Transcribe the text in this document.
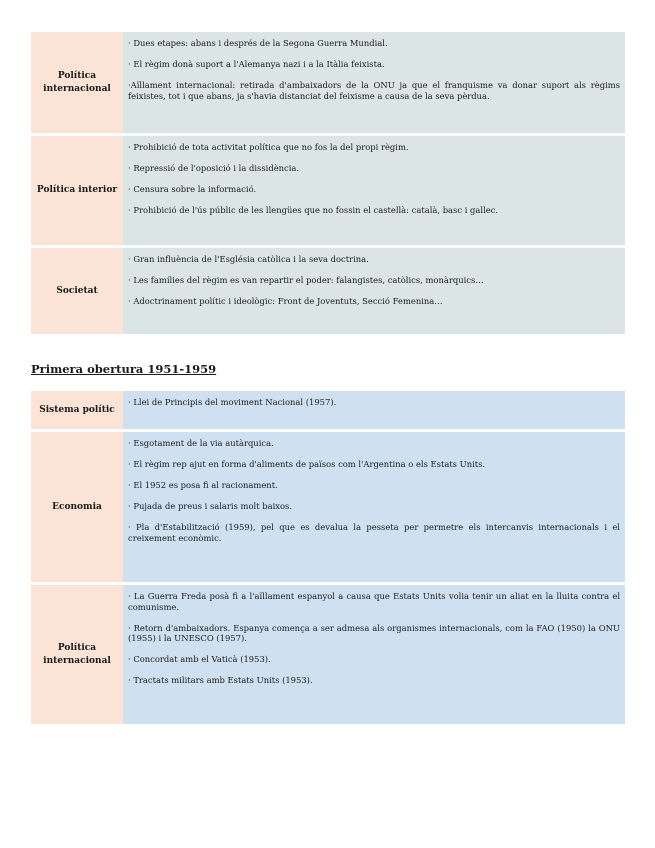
Política internacional	· Dues etapes: abans i després de la Segona Guerra Mundial.

· El règim donà suport a l'Alemanya nazi i a la Itàlia feixista.

·Aïllament internacional: retirada d'ambaixadors de la ONU ja que el franquisme va donar suport als règims feixistes, tot i que abans, ja s'havia distanciat del feixisme a causa de la seva pèrdua.

Política interior	· Prohibició de tota activitat política que no fos la del propi règim.

· Repressió de l'oposició i la dissidència.

· Censura sobre la informació.

· Prohibició de l'ús públic de les llengües que no fossin el castellà: català, basc i gallec.

Societat	· Gran influència de l'Església catòlica i la seva doctrina.

· Les famílies del règim es van repartir el poder: falangistes, catòlics, monàrquics…

· Adoctrinament polític i ideològic: Front de Joventuts, Secció Femenina…

Primera obertura 1951-1959
Sistema polític	· Llei de Principis del moviment Nacional (1957).

Economia	· Esgotament de la via autàrquica.

· El règim rep ajut en forma d'aliments de països com l'Argentina o els Estats Units.

· El 1952 es posa fi al racionament.

· Pujada de preus i salaris molt baixos.

· Pla d'Estabilització (1959), pel que es devalua la pesseta per permetre els intercanvis internacionals i el creixement econòmic.

Política internacional	· La Guerra Freda posà fi a l'aïllament espanyol a causa que Estats Units volia tenir un aliat en la lluita contra el comunisme.

· Retorn d'ambaixadors. Espanya comença a ser admesa als organismes internacionals, com la FAO (1950) la ONU (1955) i la UNESCO (1957).

· Concordat amb el Vaticà (1953).

· Tractats militars amb Estats Units (1953).
